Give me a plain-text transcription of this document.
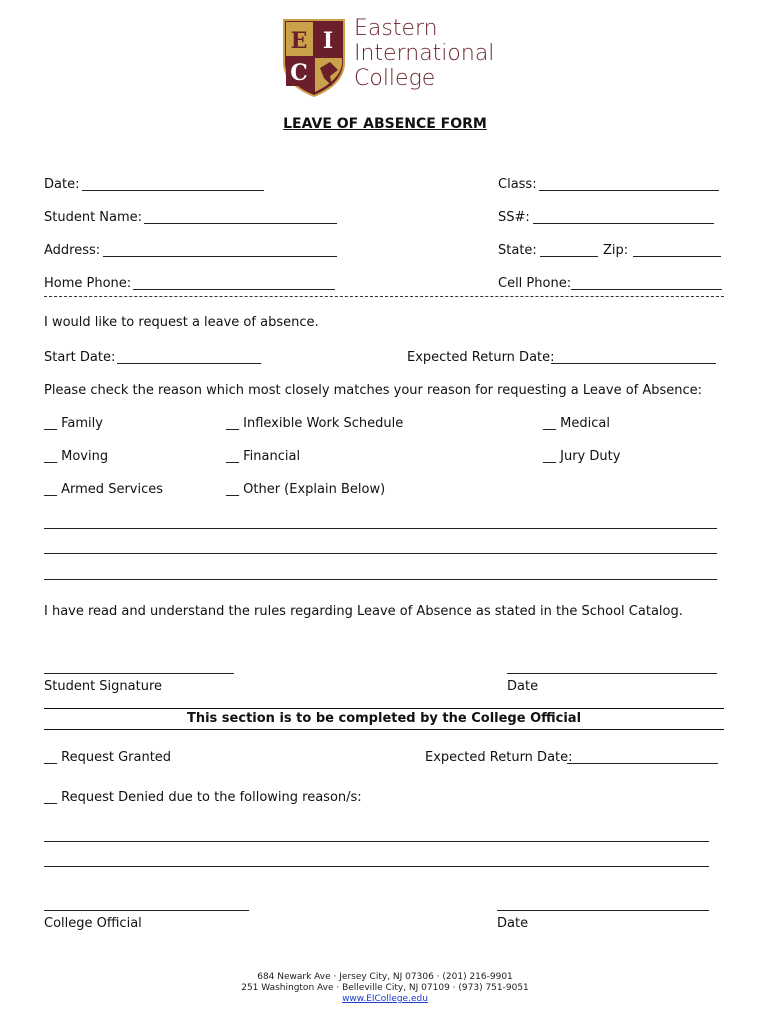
E I
C
Eastern
International
College
LEAVE OF ABSENCE FORM
Date:	Class:
Student Name:	SS#:
Address:	State:	Zip:
Home Phone:	Cell Phone:
I would like to request a leave of absence.
Start Date:	Expected Return Date:
Please check the reason which most closely matches your reason for requesting a Leave of Absence:
__ Family	__ Inflexible Work Schedule	__ Medical
__ Moving	__ Financial	__ Jury Duty
__ Armed Services	__ Other (Explain Below)
I have read and understand the rules regarding Leave of Absence as stated in the School Catalog.
Student Signature	Date
This section is to be completed by the College Official
__ Request Granted	Expected Return Date:
__ Request Denied due to the following reason/s:
College Official	Date
684 Newark Ave · Jersey City, NJ 07306 · (201) 216-9901
251 Washington Ave · Belleville City, NJ 07109 · (973) 751-9051
www.EICollege.edu
